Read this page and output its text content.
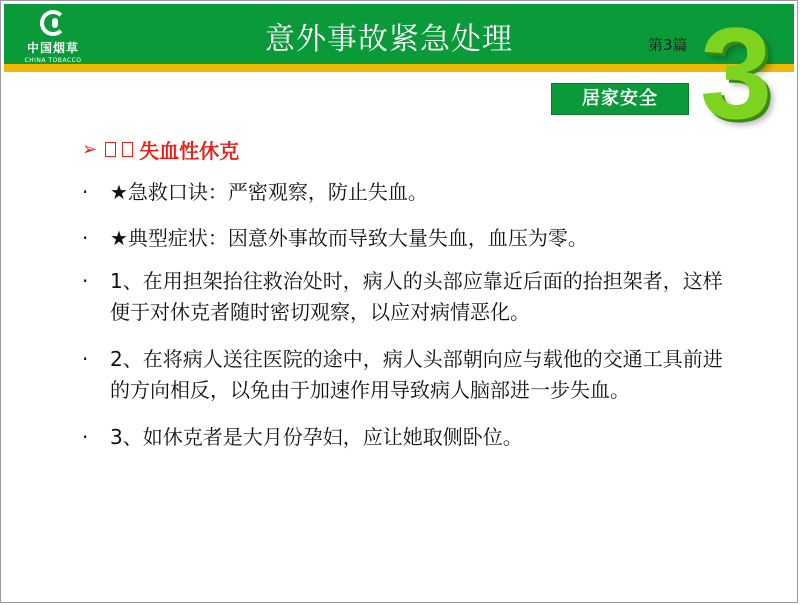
中国烟草
CHINA TOBACCO
意外事故紧急处理	第3篇 3
居家安全
➢ 失血性休克
·	★急救口诀：严密观察，防止失血。
·	★典型症状：因意外事故而导致大量失血，血压为零。
·	1、在用担架抬往救治处时，病人的头部应靠近后面的抬担架者，这样便于对休克者随时密切观察，以应对病情恶化。
·	2、在将病人送往医院的途中，病人头部朝向应与载他的交通工具前进的方向相反，以免由于加速作用导致病人脑部进一步失血。
·	3、如休克者是大月份孕妇，应让她取侧卧位。
